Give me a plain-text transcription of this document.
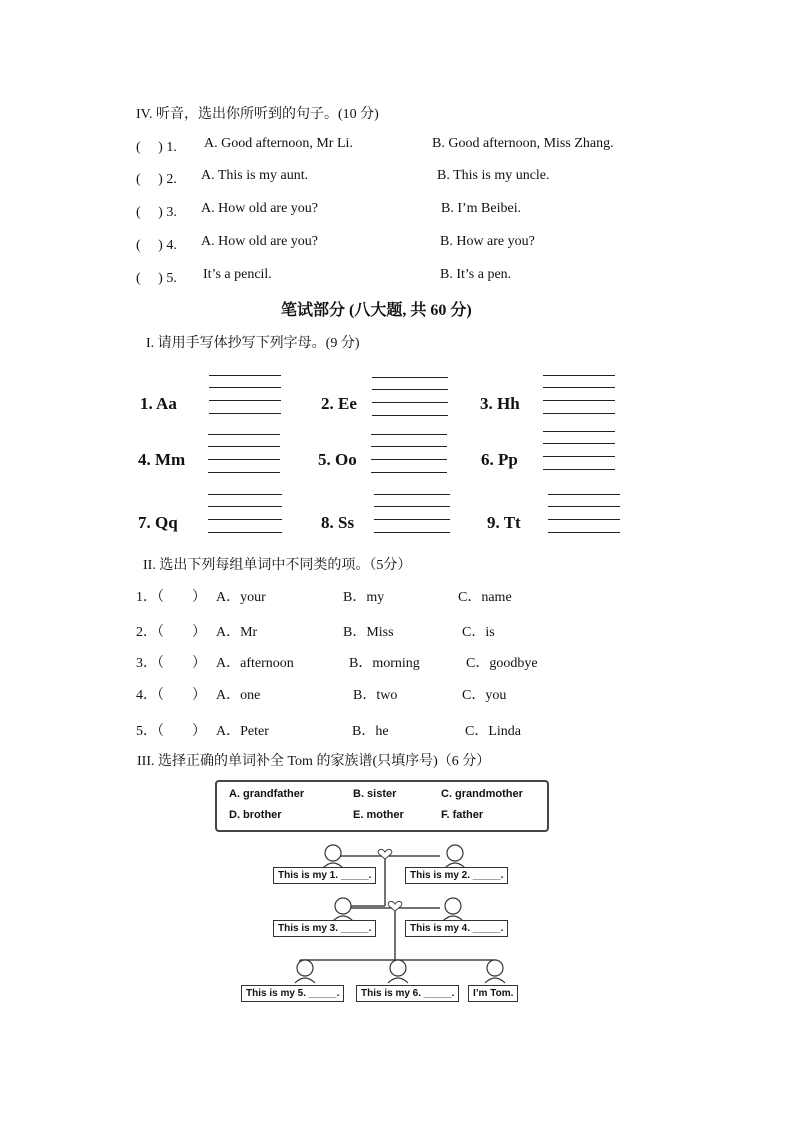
IV. 听音，选出你所听到的句子。(10 分)
(　 ) 1. A. Good afternoon, Mr Li.	B. Good afternoon, Miss Zhang.
(　 ) 2. A. This is my aunt.	B. This is my uncle.
(　 ) 3. A. How old are you?	B. I’m Beibei.
(　 ) 4. A. How old are you?	B. How are you?
(　 ) 5. It’s a pencil.	B. It’s a pen.
笔试部分 (八大题, 共 60 分)
I. 请用手写体抄写下列字母。(9 分)
1. Aa	2. Ee	3. Hh
4. Mm	5. Oo	6. Pp
7. Qq	8. Ss	9. Tt
II. 选出下列每组单词中不同类的项。（5分）
1．（　　） A．your	B．my	C．name
2．（　　） A．Mr	B．Miss	C．is
3．（　　） A．afternoon	B．morning	C．goodbye
4．（　　） A．one	B．two	C．you
5．（　　） A．Peter	B．he	C．Linda
III. 选择正确的单词补全 Tom 的家族谱(只填序号)（6 分）
A. grandfather	B. sister	C. grandmother
D. brother	E. mother	F. father
This is my 1. _____.	This is my 2. _____.
This is my 3. _____.	This is my 4. _____.
This is my 5. _____.	This is my 6. _____.	I’m Tom.
